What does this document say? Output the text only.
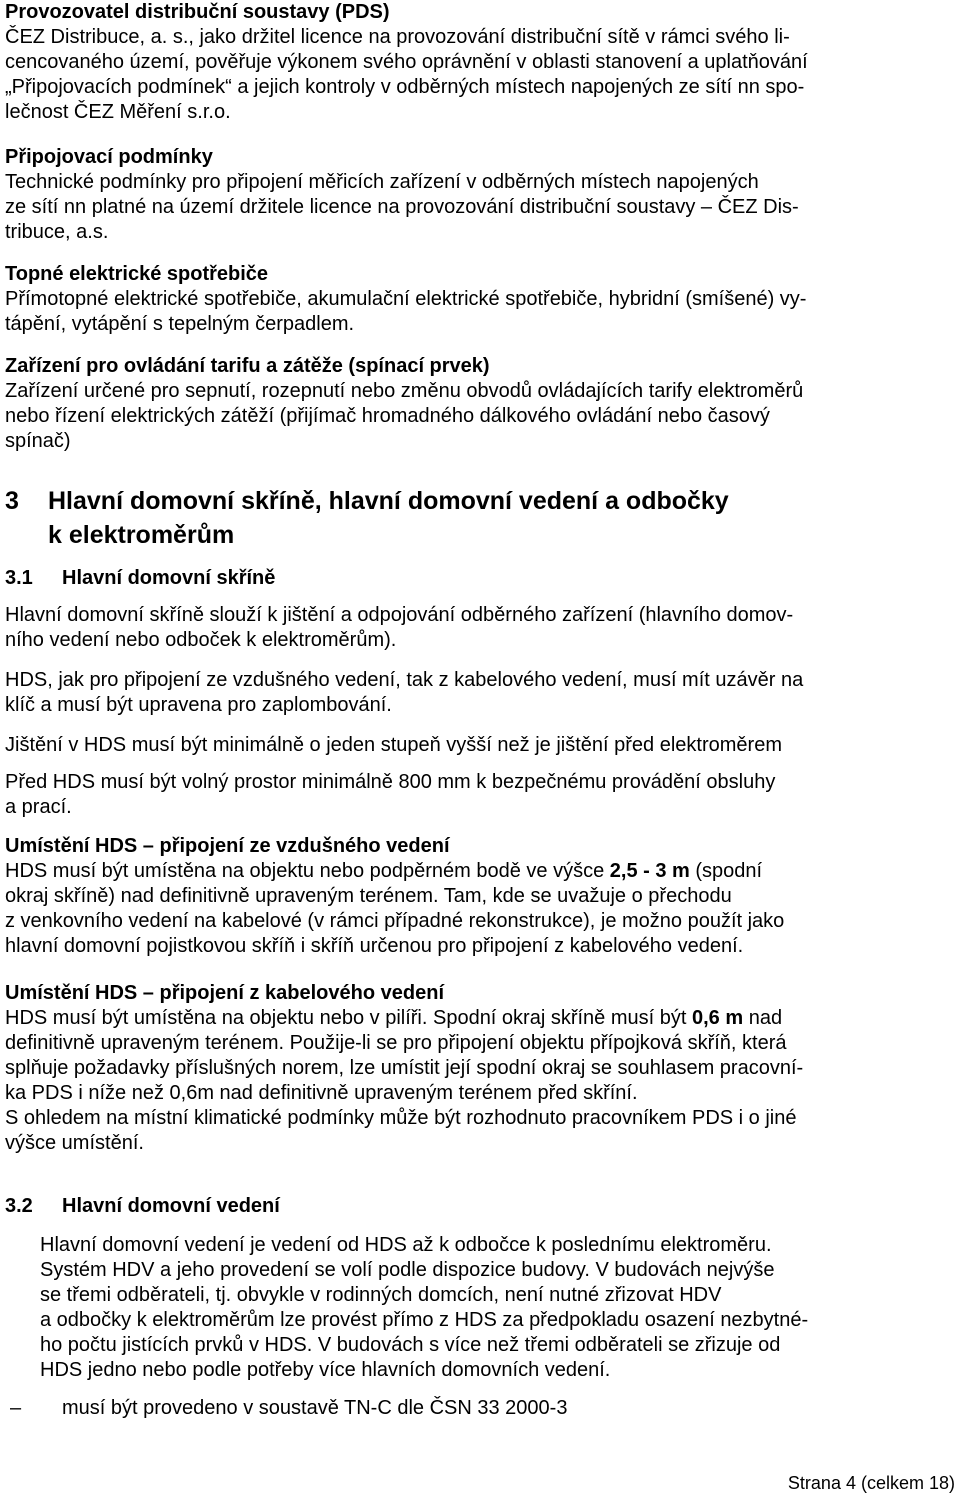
Provozovatel distribuční soustavy (PDS)
ČEZ Distribuce, a. s., jako držitel licence na provozování distribuční sítě v rámci svého li-
cencovaného území, pověřuje výkonem svého oprávnění v oblasti stanovení a uplatňování
„Připojovacích podmínek“ a jejich kontroly v odběrných místech napojených ze sítí nn spo-
lečnost ČEZ Měření s.r.o.
Připojovací podmínky
Technické podmínky pro připojení měřicích zařízení v odběrných místech napojených
ze sítí nn platné na území držitele licence na provozování distribuční soustavy – ČEZ Dis-
tribuce, a.s.
Topné elektrické spotřebiče
Přímotopné elektrické spotřebiče, akumulační elektrické spotřebiče, hybridní (smíšené) vy-
tápění, vytápění s tepelným čerpadlem.
Zařízení pro ovládání tarifu a zátěže (spínací prvek)
Zařízení určené pro sepnutí, rozepnutí nebo změnu obvodů ovládajících tarify elektroměrů
nebo řízení elektrických zátěží (přijímač hromadného dálkového ovládání nebo časový
spínač)
3 Hlavní domovní skříně, hlavní domovní vedení a odbočky
k elektroměrům
3.1 Hlavní domovní skříně
Hlavní domovní skříně slouží k jištění a odpojování odběrného zařízení (hlavního domov-
ního vedení nebo odboček k elektroměrům).
HDS, jak pro připojení ze vzdušného vedení, tak z kabelového vedení, musí mít uzávěr na
klíč a musí být upravena pro zaplombování.
Jištění v HDS musí být minimálně o jeden stupeň vyšší než je jištění před elektroměrem
Před HDS musí být volný prostor minimálně 800 mm k bezpečnému provádění obsluhy
a prací.
Umístění HDS – připojení ze vzdušného vedení
HDS musí být umístěna na objektu nebo podpěrném bodě ve výšce 2,5 - 3 m (spodní
okraj skříně) nad definitivně upraveným terénem. Tam, kde se uvažuje o přechodu
z venkovního vedení na kabelové (v rámci případné rekonstrukce), je možno použít jako
hlavní domovní pojistkovou skříň i skříň určenou pro připojení z kabelového vedení.
Umístění HDS – připojení z kabelového vedení
HDS musí být umístěna na objektu nebo v pilíři. Spodní okraj skříně musí být 0,6 m nad
definitivně upraveným terénem. Použije-li se pro připojení objektu přípojková skříň, která
splňuje požadavky příslušných norem, lze umístit její spodní okraj se souhlasem pracovní-
ka PDS i níže než 0,6m nad definitivně upraveným terénem před skříní.
S ohledem na místní klimatické podmínky může být rozhodnuto pracovníkem PDS i o jiné
výšce umístění.
3.2 Hlavní domovní vedení
Hlavní domovní vedení je vedení od HDS až k odbočce k poslednímu elektroměru.
Systém HDV a jeho provedení se volí podle dispozice budovy. V budovách nejvýše
se třemi odběrateli, tj. obvykle v rodinných domcích, není nutné zřizovat HDV
a odbočky k elektroměrům lze provést přímo z HDS za předpokladu osazení nezbytné-
ho počtu jistících prvků v HDS. V budovách s více než třemi odběrateli se zřizuje od
HDS jedno nebo podle potřeby více hlavních domovních vedení.
– musí být provedeno v soustavě TN-C dle ČSN 33 2000-3
Strana 4 (celkem 18)
